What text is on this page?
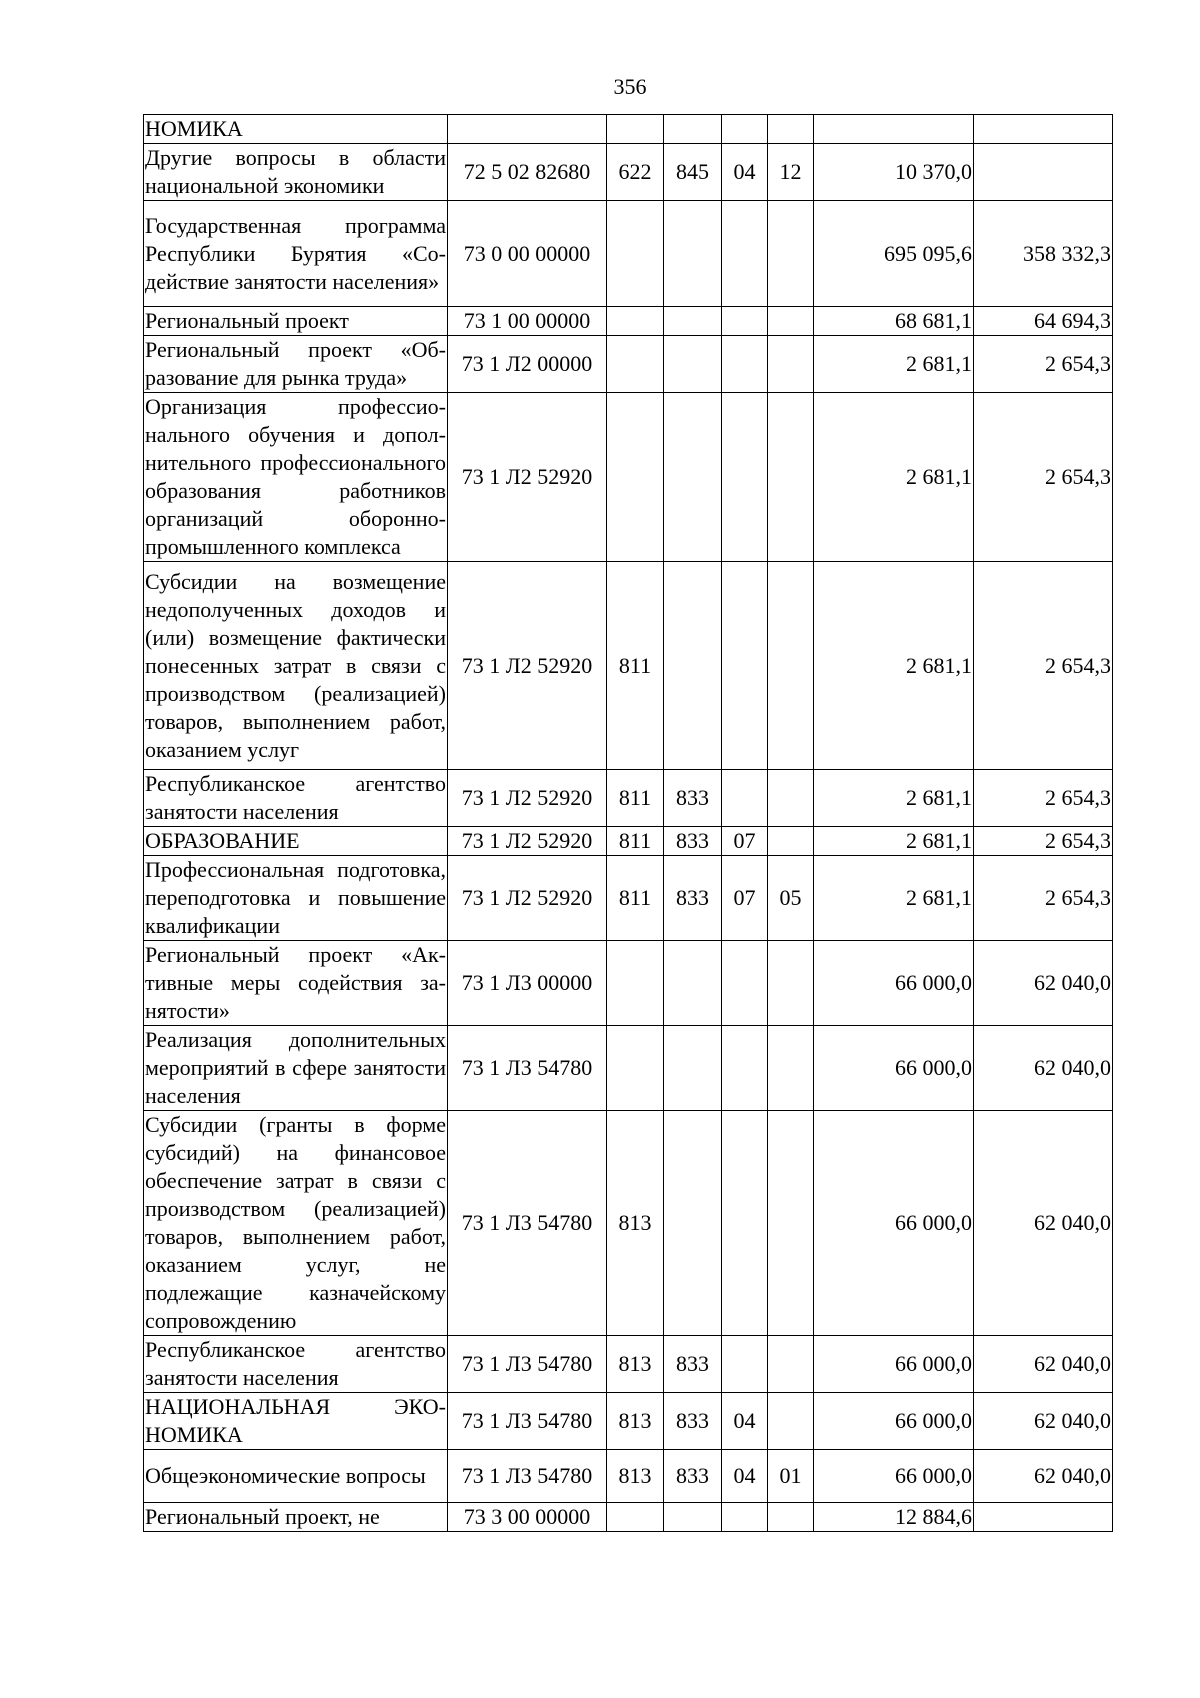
356
НОМИКА							
Другие вопросы в области национальной экономики	72 5 02 82680	622	845	04	12	10 370,0	
Государственная программа Республики Бурятия «Содействие занятости населения»	73 0 00 00000					695 095,6	358 332,3
Региональный проект	73 1 00 00000					68 681,1	64 694,3
Региональный проект «Образование для рынка труда»	73 1 Л2 00000					2 681,1	2 654,3
Организация профессионального обучения и дополнительного профессионального образования работников организаций оборонно-промышленного комплекса	73 1 Л2 52920					2 681,1	2 654,3
Субсидии на возмещение недополученных доходов и (или) возмещение фактически понесенных затрат в связи с производством (реализацией) товаров, выполнением работ, оказанием услуг	73 1 Л2 52920	811				2 681,1	2 654,3
Республиканское агентство занятости населения	73 1 Л2 52920	811	833			2 681,1	2 654,3
ОБРАЗОВАНИЕ	73 1 Л2 52920	811	833	07		2 681,1	2 654,3
Профессиональная подготовка, переподготовка и повышение квалификации	73 1 Л2 52920	811	833	07	05	2 681,1	2 654,3
Региональный проект «Активные меры содействия занятости»	73 1 Л3 00000					66 000,0	62 040,0
Реализация дополнительных мероприятий в сфере занятости населения	73 1 Л3 54780					66 000,0	62 040,0
Субсидии (гранты в форме субсидий) на финансовое обеспечение затрат в связи с производством (реализацией) товаров, выполнением работ, оказанием услуг, не подлежащие казначейскому сопровождению	73 1 Л3 54780	813				66 000,0	62 040,0
Республиканское агентство занятости населения	73 1 Л3 54780	813	833			66 000,0	62 040,0
НАЦИОНАЛЬНАЯ ЭКОНОМИКА	73 1 Л3 54780	813	833	04		66 000,0	62 040,0
Общеэкономические вопросы	73 1 Л3 54780	813	833	04	01	66 000,0	62 040,0
Региональный проект, не	73 3 00 00000					12 884,6	
